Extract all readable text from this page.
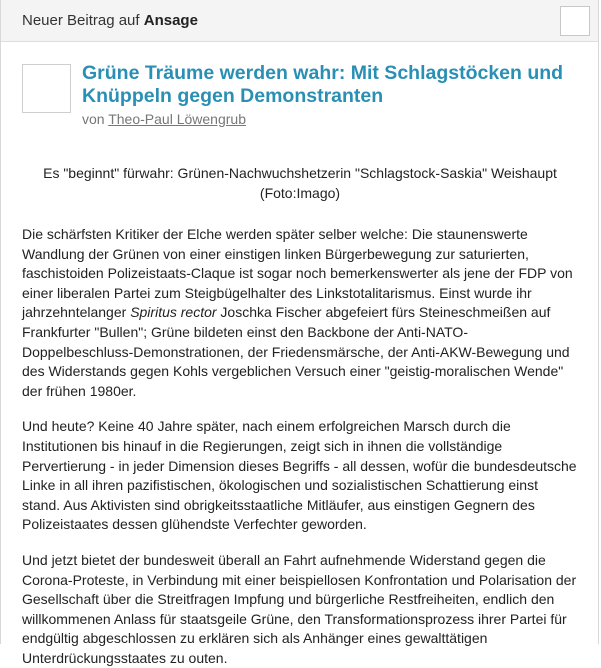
Neuer Beitrag auf Ansage
Grüne Träume werden wahr: Mit Schlagstöcken und Knüppeln gegen Demonstranten
von Theo-Paul Löwengrub
Es "beginnt" fürwahr: Grünen-Nachwuchshetzerin "Schlagstock-Saskia" Weishaupt (Foto:Imago)

Die schärfsten Kritiker der Elche werden später selber welche: Die staunenswerte Wandlung der Grünen von einer einstigen linken Bürgerbewegung zur saturierten, faschistoiden Polizeistaats-Claque ist sogar noch bemerkenswerter als jene der FDP von einer liberalen Partei zum Steigbügelhalter des Linkstotalitarismus. Einst wurde ihr jahrzehntelanger Spiritus rector Joschka Fischer abgefeiert fürs Steineschmeißen auf Frankfurter "Bullen"; Grüne bildeten einst den Backbone der Anti-NATO-Doppelbeschluss-Demonstrationen, der Friedensmärsche, der Anti-AKW-Bewegung und des Widerstands gegen Kohls vergeblichen Versuch einer "geistig-moralischen Wende" der frühen 1980er.

Und heute? Keine 40 Jahre später, nach einem erfolgreichen Marsch durch die Institutionen bis hinauf in die Regierungen, zeigt sich in ihnen die vollständige Pervertierung - in jeder Dimension dieses Begriffs - all dessen, wofür die bundesdeutsche Linke in all ihren pazifistischen, ökologischen und sozialistischen Schattierung einst stand. Aus Aktivisten sind obrigkeitsstaatliche Mitläufer, aus einstigen Gegnern des Polizeistaates dessen glühendste Verfechter geworden.

Und jetzt bietet der bundesweit überall an Fahrt aufnehmende Widerstand gegen die Corona-Proteste, in Verbindung mit einer beispiellosen Konfrontation und Polarisation der Gesellschaft über die Streitfragen Impfung und bürgerliche Restfreiheiten, endlich den willkommenen Anlass für staatsgeile Grüne, den Transformationsprozess ihrer Partei für endgültig abgeschlossen zu erklären sich als Anhänger eines gewalttätigen Unterdrückungsstaates zu outen.
